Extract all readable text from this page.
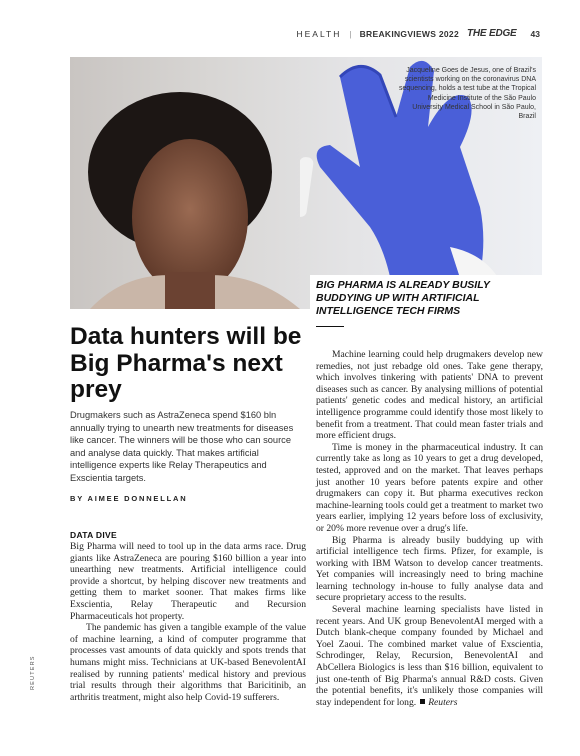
HEALTH | BREAKINGVIEWS 2022 THE EDGE 43
Jacqueline Goes de Jesus, one of Brazil's scientists working on the coronavirus DNA sequencing, holds a test tube at the Tropical Medicine Institute of the São Paulo University Medical School in São Paulo, Brazil
BIG PHARMA IS ALREADY BUSILY BUDDYING UP WITH ARTIFICIAL INTELLIGENCE TECH FIRMS
Data hunters will be Big Pharma's next prey
Drugmakers such as AstraZeneca spend $160 bln annually trying to unearth new treatments for diseases like cancer. The winners will be those who can source and analyse data quickly. That makes artificial intelligence experts like Relay Therapeutics and Exscientia targets.
BY AIMEE DONNELLAN

DATA DIVE

Big Pharma will need to tool up in the data arms race. Drug giants like AstraZeneca are pouring $160 billion a year into unearthing new treatments. Artificial intelligence could provide a shortcut, by helping discover new treatments and getting them to market sooner. That makes firms like Exscientia, Relay Therapeutic and Recursion Pharmaceuticals hot property.

The pandemic has given a tangible example of the value of machine learning, a kind of computer programme that processes vast amounts of data quickly and spots trends that humans might miss. Technicians at UK-based BenevolentAI realised by running patients' medical history and previous trial results through their algorithms that Baricitinib, an arthritis treatment, might also help Covid-19 sufferers.

Machine learning could help drugmakers develop new remedies, not just rebadge old ones. Take gene therapy, which involves tinkering with patients' DNA to prevent diseases such as cancer. By analysing millions of potential patients' genetic codes and medical history, an artificial intelligence programme could identify those most likely to benefit from a treatment. That could mean faster trials and more efficient drugs.

Time is money in the pharmaceutical industry. It can currently take as long as 10 years to get a drug developed, tested, approved and on the market. That leaves perhaps just another 10 years before patents expire and other drugmakers can copy it. But pharma executives reckon machine-learning tools could get a treatment to market two years earlier, implying 12 years before loss of exclusivity, or 20% more revenue over a drug's life.

Big Pharma is already busily buddying up with artificial intelligence tech firms. Pfizer, for example, is working with IBM Watson to develop cancer treatments. Yet companies will increasingly need to bring machine learning technology in-house to fully analyse data and secure proprietary access to the results.

Several machine learning specialists have listed in recent years. And UK group BenevolentAI merged with a Dutch blank-cheque company founded by Michael and Yoel Zaoui. The combined market value of Exscientia, Schrodinger, Relay, Recursion, BenevolentAI and AbCellera Biologics is less than $16 billion, equivalent to just one-tenth of Big Pharma's annual R&D costs. Given the potential benefits, it's unlikely those companies will stay independent for long. Reuters

REUTERS
